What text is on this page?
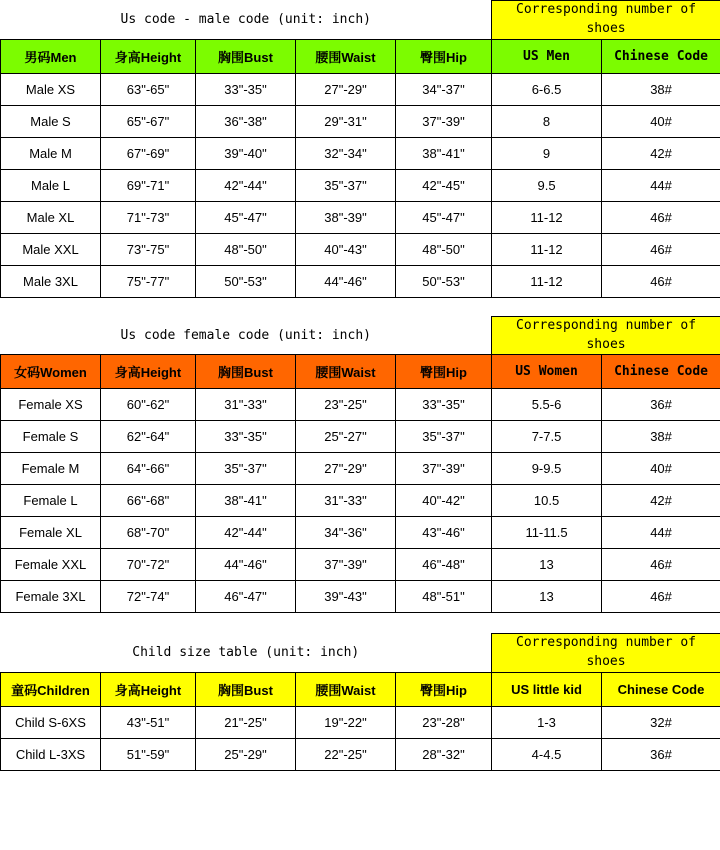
Us code - male code (unit: inch)					Corresponding number of shoes	
男码Men	身高Height	胸围Bust	腰围Waist	臀围Hip	US Men	Chinese Code
Male XS	63"-65"	33"-35"	27"-29"	34"-37"	6-6.5	38#
Male S	65"-67"	36"-38"	29"-31"	37"-39"	8	40#
Male M	67"-69"	39"-40"	32"-34"	38"-41"	9	42#
Male L	69"-71"	42"-44"	35"-37"	42"-45"	9.5	44#
Male XL	71"-73"	45"-47"	38"-39"	45"-47"	11-12	46#
Male XXL	73"-75"	48"-50"	40"-43"	48"-50"	11-12	46#
Male 3XL	75"-77"	50"-53"	44"-46"	50"-53"	11-12	46#
Us code female code (unit: inch)					Corresponding number of shoes	
女码Women	身高Height	胸围Bust	腰围Waist	臀围Hip	US Women	Chinese Code
Female XS	60"-62"	31"-33"	23"-25"	33"-35"	5.5-6	36#
Female S	62"-64"	33"-35"	25"-27"	35"-37"	7-7.5	38#
Female M	64"-66"	35"-37"	27"-29"	37"-39"	9-9.5	40#
Female L	66"-68"	38"-41"	31"-33"	40"-42"	10.5	42#
Female XL	68"-70"	42"-44"	34"-36"	43"-46"	11-11.5	44#
Female XXL	70"-72"	44"-46"	37"-39"	46"-48"	13	46#
Female 3XL	72"-74"	46"-47"	39"-43"	48"-51"	13	46#
Child size table (unit: inch)					Corresponding number of shoes	
童码Children	身高Height	胸围Bust	腰围Waist	臀围Hip	US little kid	Chinese Code
Child S-6XS	43"-51"	21"-25"	19"-22"	23"-28"	1-3	32#
Child L-3XS	51"-59"	25"-29"	22"-25"	28"-32"	4-4.5	36#
